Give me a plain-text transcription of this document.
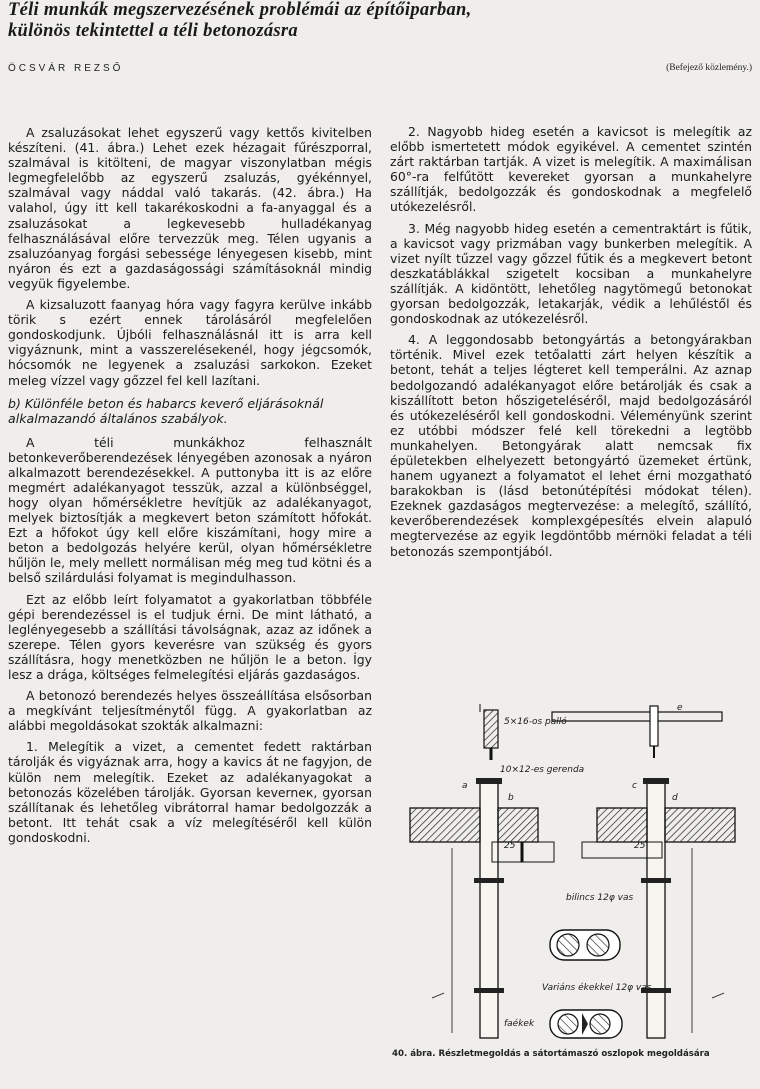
Téli munkák megszervezésének problémái az építőiparban,
különös tekintettel a téli betonozásra
ÖCSVÁR REZSŐ	(Befejező közlemény.)

A zsaluzásokat lehet egyszerű vagy kettős kivitelben készíteni. (41. ábra.) Lehet ezek hézagait fűrészporral, szalmával is kitölteni, de magyar viszonylatban mégis legmegfelelőbb az egyszerű zsaluzás, gyékénnyel, szalmával vagy náddal való takarás. (42. ábra.) Ha valahol, úgy itt kell takarékoskodni a fa-anyaggal és a zsaluzásokat a legkevesebb hulladékanyag felhasználásával előre tervezzük meg. Télen ugyanis a zsaluzóanyag forgási sebessége lényegesen kisebb, mint nyáron és ezt a gazdaságossági számításoknál mindig vegyük figyelembe.

A kizsaluzott faanyag hóra vagy fagyra kerülve inkább törik s ezért ennek tárolásáról megfelelően gondoskodjunk. Újbóli felhasználásnál itt is arra kell vigyáznunk, mint a vasszerelésekenél, hogy jégcsomók, hócsomók ne legyenek a zsaluzási sarkokon. Ezeket meleg vízzel vagy gőzzel fel kell lazítani.

b) Különféle beton és habarcs keverő eljárásoknál alkalmazandó általános szabályok.

A téli munkákhoz felhasznált betonkeverőberendezések lényegében azonosak a nyáron alkalmazott berendezésekkel. A puttonyba itt is az előre megmért adalékanyagot tesszük, azzal a különbséggel, hogy olyan hőmérsékletre hevítjük az adalékanyagot, melyek biztosítják a megkevert beton számított hőfokát. Ezt a hőfokot úgy kell előre kiszámítani, hogy mire a beton a bedolgozás helyére kerül, olyan hőmérsékletre hűljön le, mely mellett normálisan még meg tud kötni és a belső szilárdulási folyamat is megindulhasson.

Ezt az előbb leírt folyamatot a gyakorlatban többféle gépi berendezéssel is el tudjuk érni. De mint látható, a leglényegesebb a szállítási távolságnak, azaz az időnek a szerepe. Télen gyors keverésre van szükség és gyors szállításra, hogy menetközben ne hűljön le a beton. Így lesz a drága, költséges felmelegítési eljárás gazdaságos.

A betonozó berendezés helyes összeállítása elsősorban a megkívánt teljesítménytől függ. A gyakorlatban az alábbi megoldásokat szokták alkalmazni:

1. Melegítik a vizet, a cementet fedett raktárban tárolják és vigyáznak arra, hogy a kavics át ne fagyjon, de külön nem melegítik. Ezeket az adalékanyagokat a betonozás közelében tárolják. Gyorsan keverneк, gyorsan szállítanak és lehetőleg vibrátorral hamar bedolgozzák a betont. Itt tehát csak a víz melegítéséről kell külön gondoskodni.

2. Nagyobb hideg esetén a kavicsot is melegítik az előbb ismertetett módok egyikével. A cementet szintén zárt raktárban tartják. A vizet is melegítik. A maximálisan 60°-ra felfűtött kevereket gyorsan a munkahelyre szállítják, bedolgozzák és gondoskodnak a megfelelő utókezelésről.

3. Még nagyobb hideg esetén a cementraktárt is fűtik, a kavicsot vagy prizmában vagy bunkerben melegítik. A vizet nyílt tűzzel vagy gőzzel fűtik és a megkevert betont deszkatáblákkal szigetelt kocsiban a munkahelyre szállítják. A kidöntött, lehetőleg nagytömegű betonokat gyorsan bedolgozzák, letakarják, védik a lehűléstől és gondoskodnak az utókezelésről.

4. A leggondosabb betongyártás a betongyárakban történik. Mivel ezek tetőalatti zárt helyen készítik a betont, tehát a teljes légteret kell temperálni. Az aznap bedolgozandó adalékanyagot előre betárolják és csak a kiszállított beton hőszigeteléséről, majd bedolgozásáról és utókezeléséről kell gondoskodni. Véleményünk szerint ez utóbbi módszer felé kell törekedni a legtöbb munkahelyen. Betongyárak alatt nemcsak fix épületekben elhelyezett betongyártó üzemeket értünk, hanem ugyanezt a folyamatot el lehet érni mozgatható barakokban is (lásd betonútépítési módokat télen). Ezeknek gazdaságos megtervezése: a melegítő, szállító, keverőberendezések komplexgépesítés elvein alapuló megtervezése az egyik legdöntőbb mérnöki feladat a téli betonozás szempontjából.

5×16-os palló
e
10×12-es gerenda
a
b
c
d
25	25
bilincs 12φ vas
Variáns ékekkel 12φ vas
faékek
40. ábra. Részletmegoldás a sátortámaszó oszlopok megoldására
